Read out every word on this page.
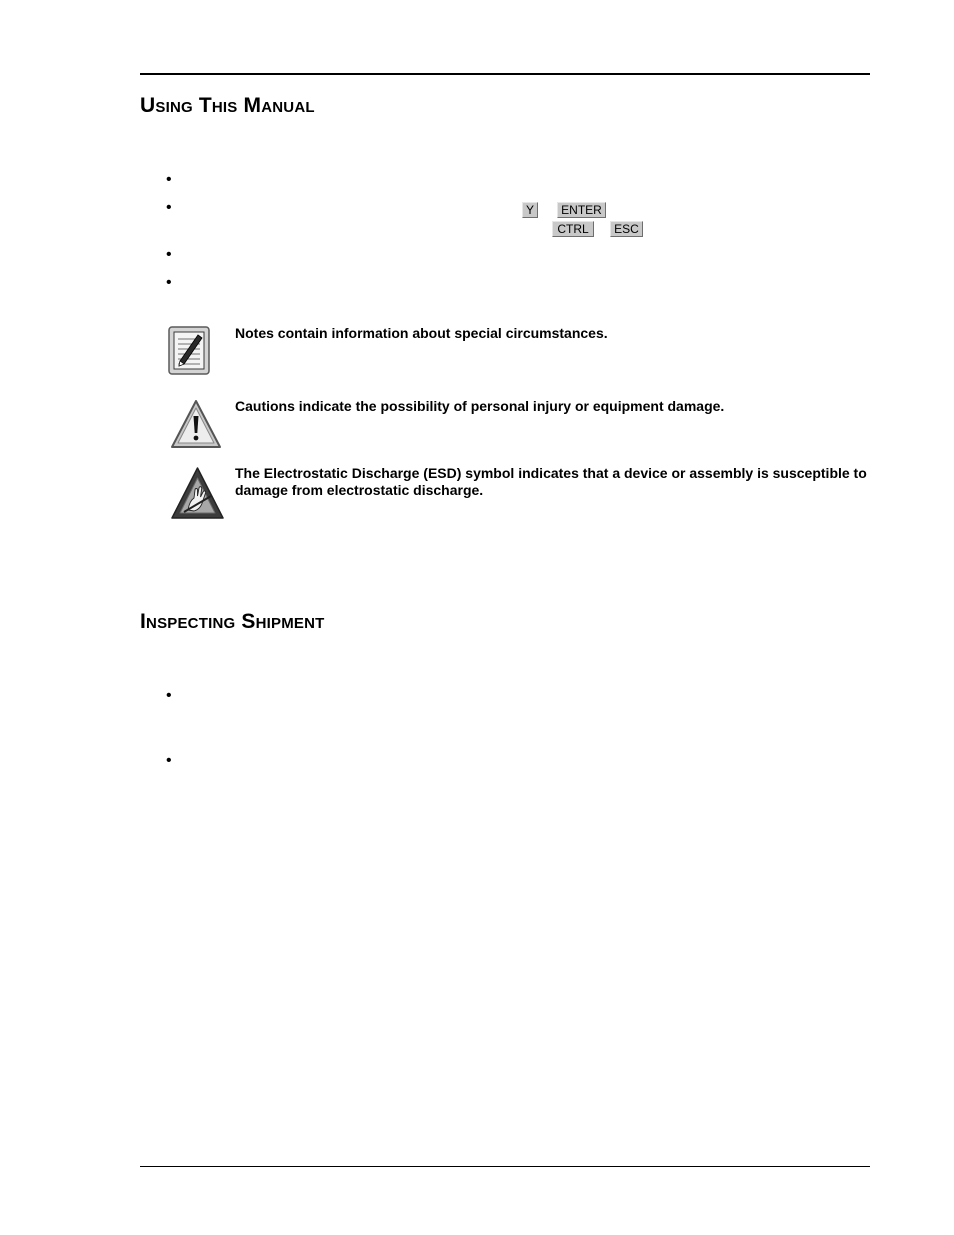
Using This Manual
•
•
•
•
Y	ENTER
CTRL	ESC
Notes contain information about special circumstances.
Cautions indicate the possibility of personal injury or equipment damage.
The Electrostatic Discharge (ESD) symbol indicates that a device or assembly is susceptible to damage from electrostatic discharge.
Inspecting Shipment
•
•
